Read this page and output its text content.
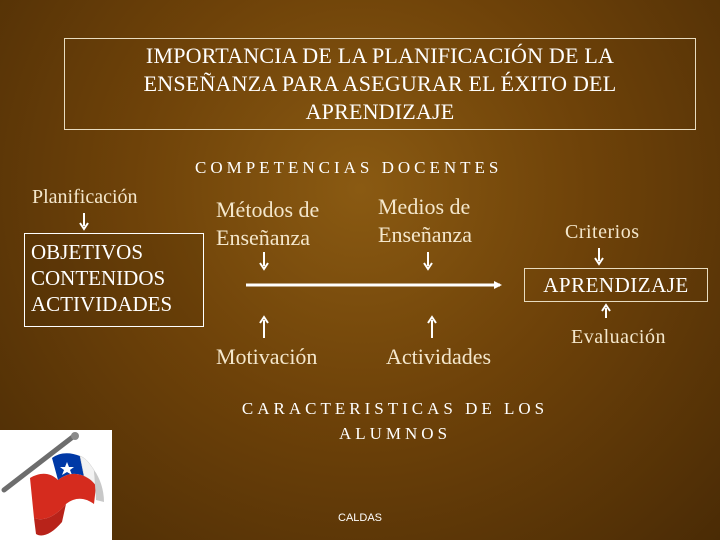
IMPORTANCIA DE LA PLANIFICACIÓN DE LA
ENSEÑANZA PARA ASEGURAR EL ÉXITO DEL
APRENDIZAJE
COMPETENCIAS DOCENTES
Planificación
OBJETIVOS
CONTENIDOS
ACTIVIDADES
Métodos de
Enseñanza
Medios de
Enseñanza	Criterios
APRENDIZAJE
Evaluación
Motivación	Actividades
CARACTERISTICAS DE LOS
ALUMNOS
CALDAS
